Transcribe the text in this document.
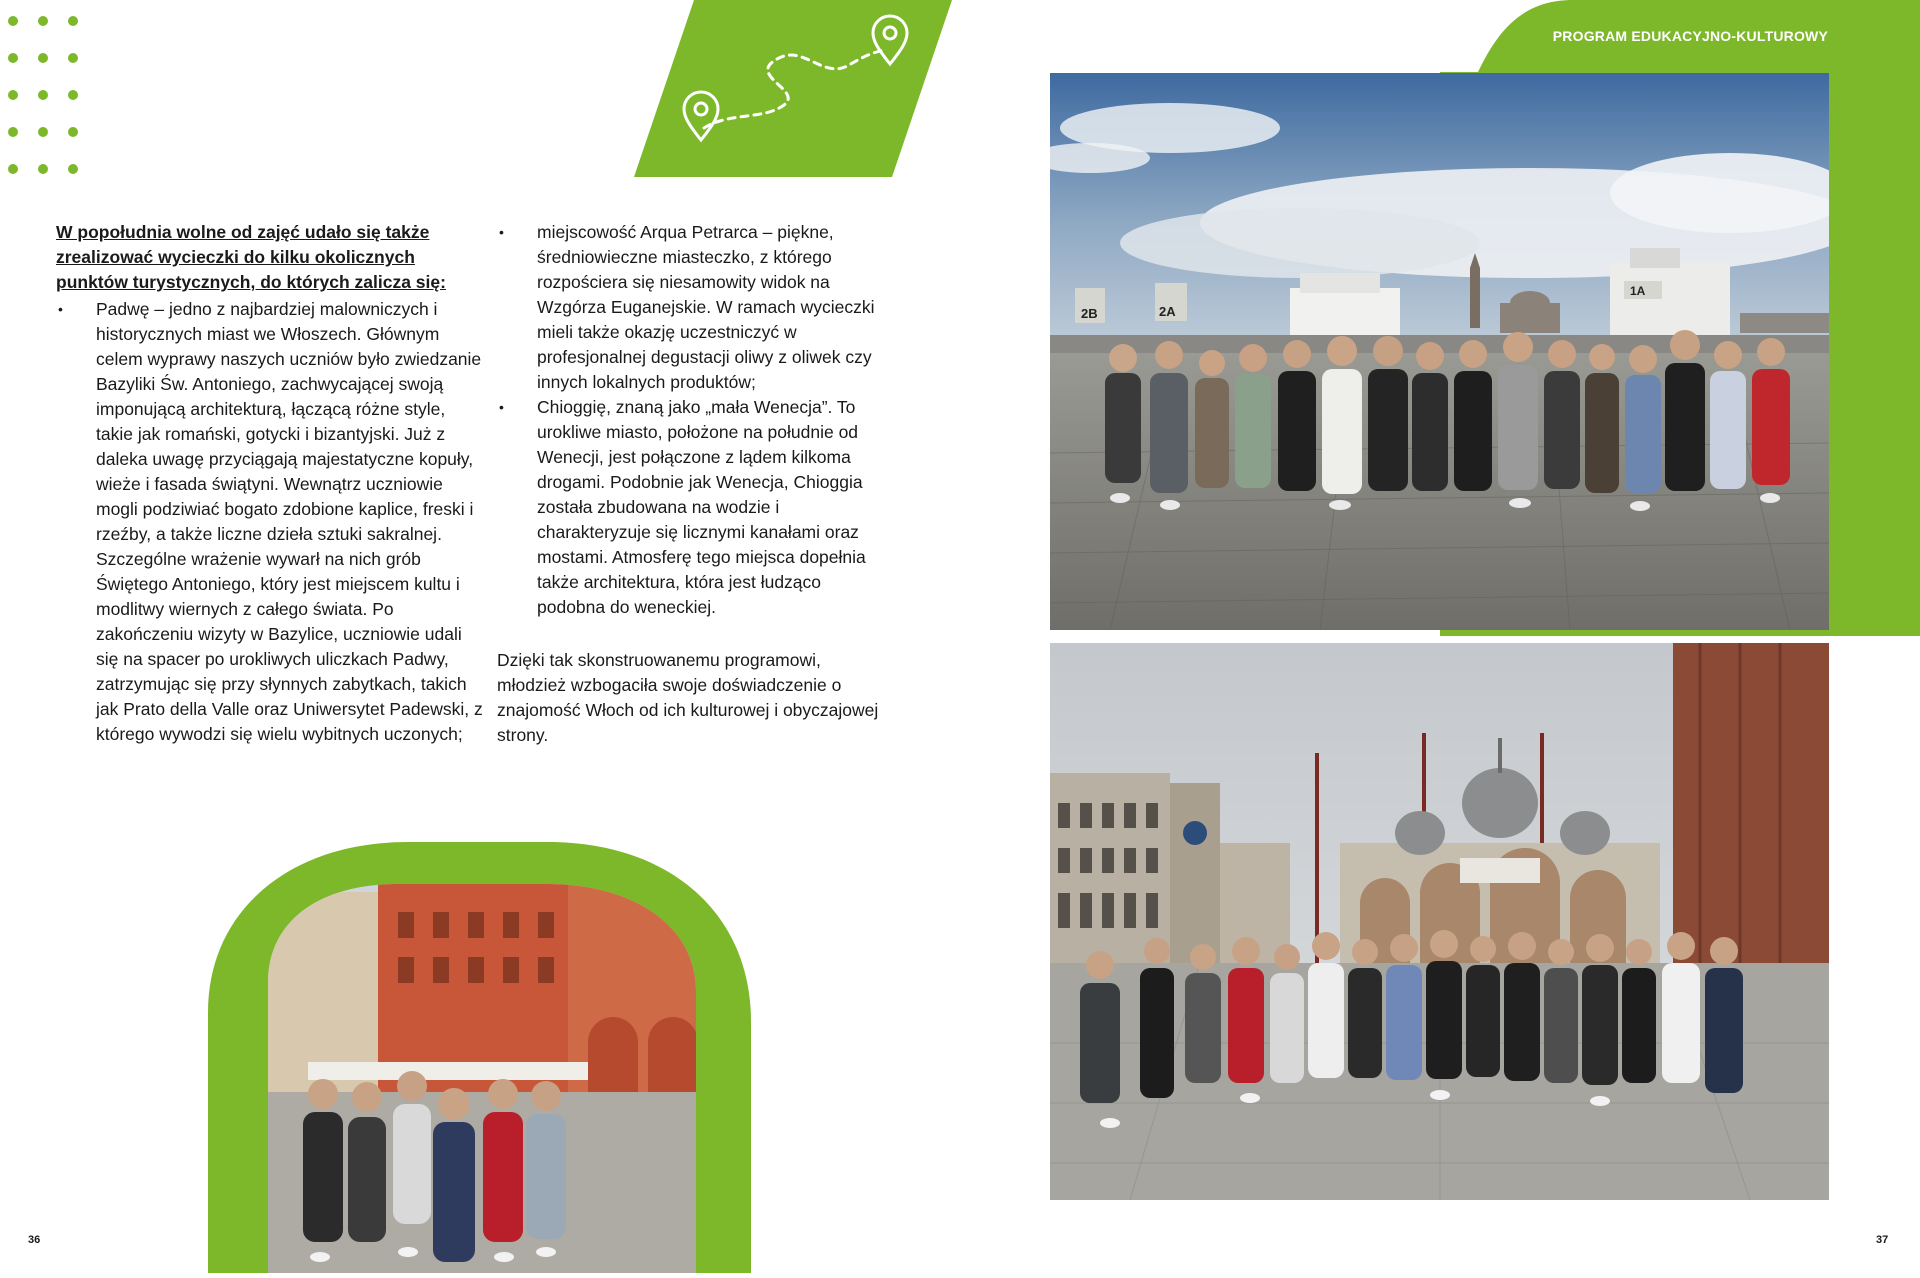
PROGRAM EDUKACYJNO-KULTUROWY

W popołudnia wolne od zajęć udało się także zrealizować wycieczki do kilku okolicznych punktów turystycznych, do których zalicza się:

• Padwę – jedno z najbardziej malowniczych i historycznych miast we Włoszech. Głównym celem wyprawy naszych uczniów było zwiedzanie Bazyliki Św. Antoniego, zachwycającej swoją imponującą architekturą, łączącą różne style, takie jak romański, gotycki i bizantyjski. Już z daleka uwagę przyciągają majestatyczne kopuły, wieże i fasada świątyni. Wewnątrz uczniowie mogli podziwiać bogato zdobione kaplice, freski i rzeźby, a także liczne dzieła sztuki sakralnej. Szczególne wrażenie wywarł na nich grób Świętego Antoniego, który jest miejscem kultu i modlitwy wiernych z całego świata. Po zakończeniu wizyty w Bazylice, uczniowie udali się na spacer po urokliwych uliczkach Padwy, zatrzymując się przy słynnych zabytkach, takich jak Prato della Valle oraz Uniwersytet Padewski, z którego wywodzi się wielu wybitnych uczonych;
• miejscowość Arqua Petrarca – piękne, średniowieczne miasteczko, z którego rozpościera się niesamowity widok na Wzgórza Euganejskie. W ramach wycieczki mieli także okazję uczestniczyć w profesjonalnej degustacji oliwy z oliwek czy innych lokalnych produktów;
• Chioggię, znaną jako „mała Wenecja”. To urokliwe miasto, położone na południe od Wenecji, jest połączone z lądem kilkoma drogami. Podobnie jak Wenecja, Chioggia została zbudowana na wodzie i charakteryzuje się licznymi kanałami oraz mostami. Atmosferę tego miejsca dopełnia także architektura, która jest łudząco podobna do weneckiej.

Dzięki tak skonstruowanemu programowi, młodzież wzbogaciła swoje doświadczenie o znajomość Włoch od ich kulturowej i obyczajowej strony.

2B	2A
1A
36	37
